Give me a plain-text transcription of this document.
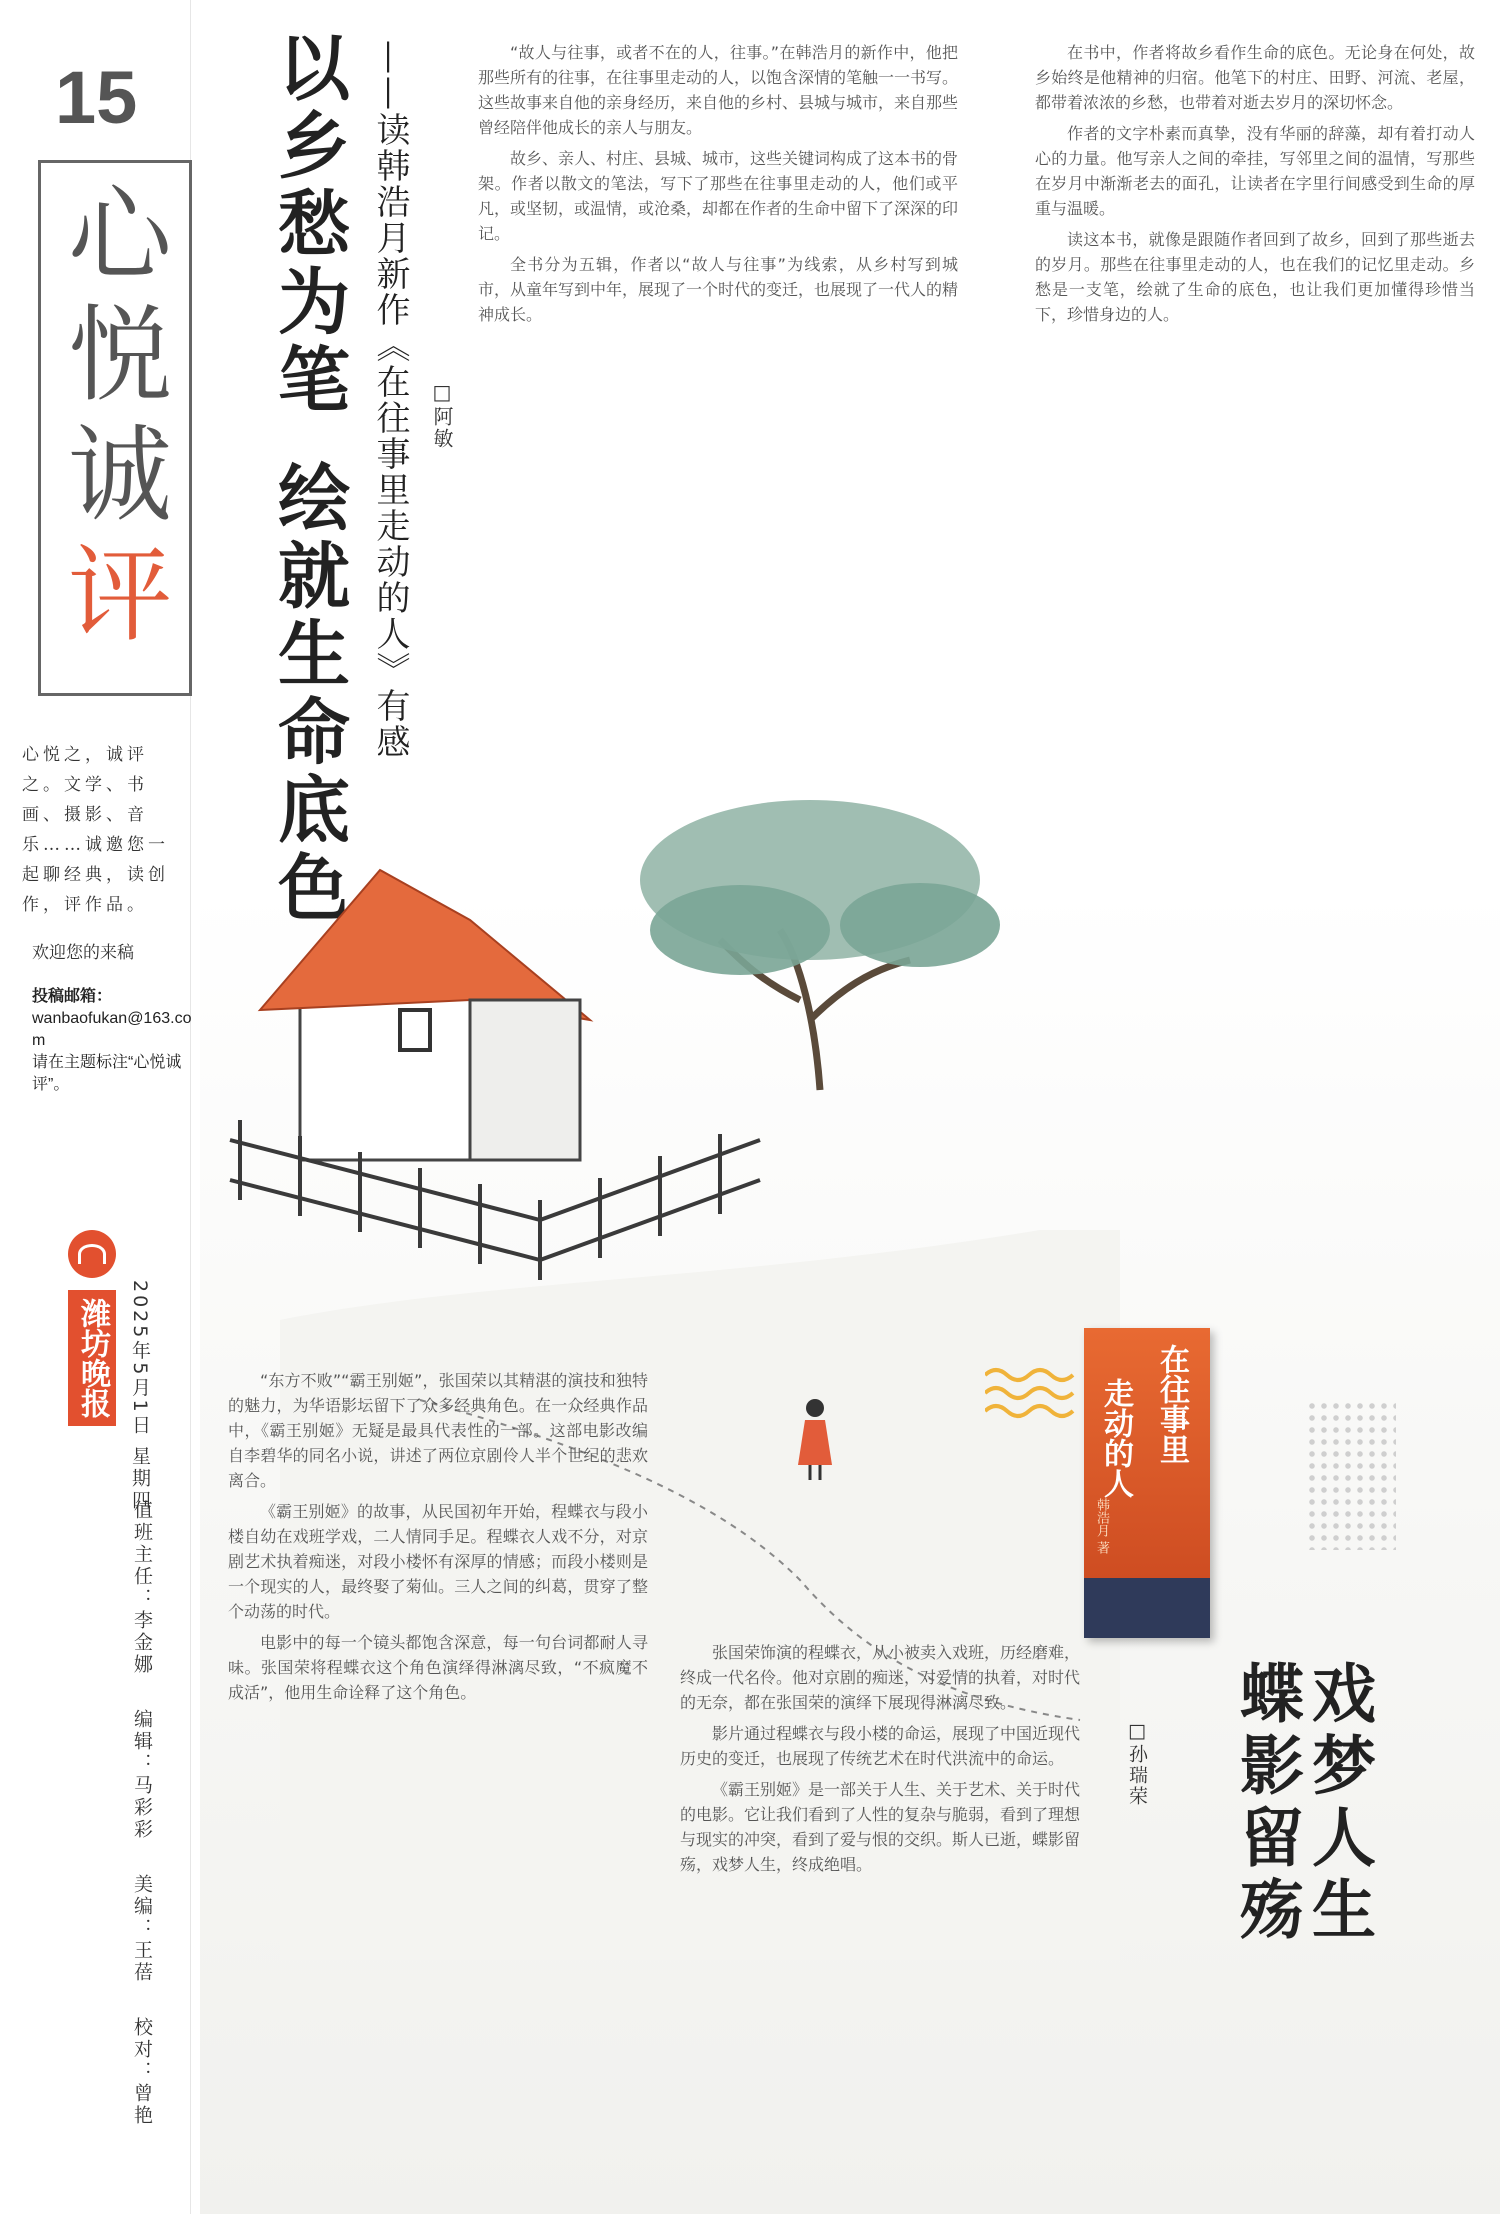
15
心
悦
诚
评
心悦之，诚评之。文学、书画、摄影、音乐……诚邀您一起聊经典，读创作，评作品。
欢迎您的来稿
投稿邮箱：
wanbaofukan@163.com
请在主题标注“心悦诚评”。
潍坊晚报 2025年5月1日 星期四
值班主任：李金娜 编辑：马彩彩 美编：王蓓 校对：曾艳
以乡愁为笔绘就生命底色 ——读韩浩月新作《在往事里走动的人》有感 □阿敏

“故人与往事，或者不在的人，往事。”在韩浩月的新作中，他把那些所有的往事，在往事里走动的人，以饱含深情的笔触一一书写。这些故事来自他的亲身经历，来自他的乡村、县城与城市，来自那些曾经陪伴他成长的亲人与朋友。

故乡、亲人、村庄、县城、城市，这些关键词构成了这本书的骨架。作者以散文的笔法，写下了那些在往事里走动的人，他们或平凡，或坚韧，或温情，或沧桑，却都在作者的生命中留下了深深的印记。

全书分为五辑，作者以“故人与往事”为线索，从乡村写到城市，从童年写到中年，展现了一个时代的变迁，也展现了一代人的精神成长。

在书中，作者将故乡看作生命的底色。无论身在何处，故乡始终是他精神的归宿。他笔下的村庄、田野、河流、老屋，都带着浓浓的乡愁，也带着对逝去岁月的深切怀念。

作者的文字朴素而真挚，没有华丽的辞藻，却有着打动人心的力量。他写亲人之间的牵挂，写邻里之间的温情，写那些在岁月中渐渐老去的面孔，让读者在字里行间感受到生命的厚重与温暖。

读这本书，就像是跟随作者回到了故乡，回到了那些逝去的岁月。那些在往事里走动的人，也在我们的记忆里走动。乡愁是一支笔，绘就了生命的底色，也让我们更加懂得珍惜当下，珍惜身边的人。

“东方不败”“霸王别姬”，张国荣以其精湛的演技和独特的魅力，为华语影坛留下了众多经典角色。在一众经典作品中，《霸王别姬》无疑是最具代表性的一部。这部电影改编自李碧华的同名小说，讲述了两位京剧伶人半个世纪的悲欢离合。

《霸王别姬》的故事，从民国初年开始，程蝶衣与段小楼自幼在戏班学戏，二人情同手足。程蝶衣人戏不分，对京剧艺术执着痴迷，对段小楼怀有深厚的情感；而段小楼则是一个现实的人，最终娶了菊仙。三人之间的纠葛，贯穿了整个动荡的时代。

电影中的每一个镜头都饱含深意，每一句台词都耐人寻味。张国荣将程蝶衣这个角色演绎得淋漓尽致，“不疯魔不成活”，他用生命诠释了这个角色。

张国荣饰演的程蝶衣，从小被卖入戏班，历经磨难，终成一代名伶。他对京剧的痴迷，对爱情的执着，对时代的无奈，都在张国荣的演绎下展现得淋漓尽致。

影片通过程蝶衣与段小楼的命运，展现了中国近现代历史的变迁，也展现了传统艺术在时代洪流中的命运。

《霸王别姬》是一部关于人生、关于艺术、关于时代的电影。它让我们看到了人性的复杂与脆弱，看到了理想与现实的冲突，看到了爱与恨的交织。斯人已逝，蝶影留殇，戏梦人生，终成绝唱。	戏梦人生
蝶影留殇
□孙瑞荣
在往事里
走动的人
韩浩月 著
